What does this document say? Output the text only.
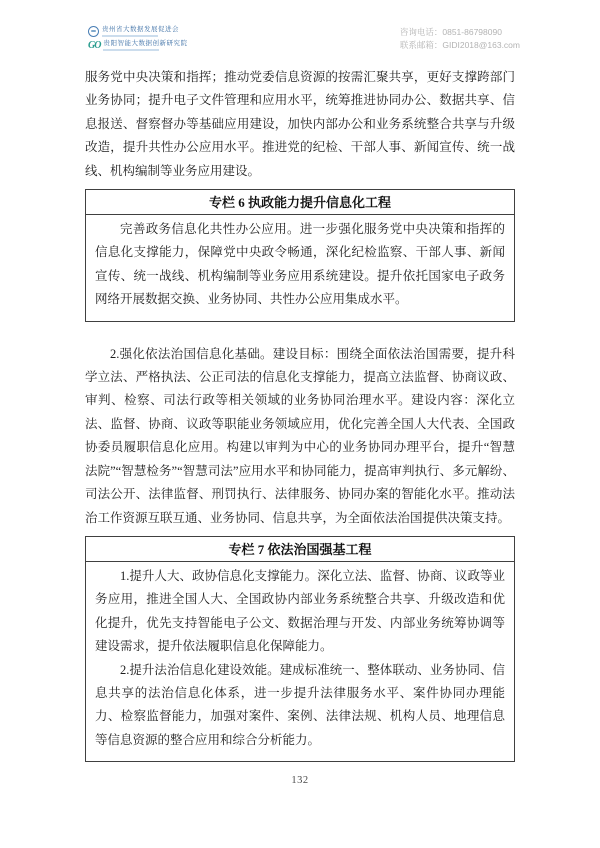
贵州省大数据发展促进会
GO 贵阳智能大数据创新研究院
咨询电话：0851-86798090
联系邮箱：GIDI2018@163.com

服务党中央决策和指挥；推动党委信息资源的按需汇聚共享，更好支撑跨部门业务协同；提升电子文件管理和应用水平，统筹推进协同办公、数据共享、信息报送、督察督办等基础应用建设，加快内部办公和业务系统整合共享与升级改造，提升共性办公应用水平。推进党的纪检、干部人事、新闻宣传、统一战线、机构编制等业务应用建设。

专栏 6 执政能力提升信息化工程

完善政务信息化共性办公应用。进一步强化服务党中央决策和指挥的信息化支撑能力，保障党中央政令畅通，深化纪检监察、干部人事、新闻宣传、统一战线、机构编制等业务应用系统建设。提升依托国家电子政务网络开展数据交换、业务协同、共性办公应用集成水平。

2.强化依法治国信息化基础。建设目标：围绕全面依法治国需要，提升科学立法、严格执法、公正司法的信息化支撑能力，提高立法监督、协商议政、审判、检察、司法行政等相关领域的业务协同治理水平。建设内容：深化立法、监督、协商、议政等职能业务领域应用，优化完善全国人大代表、全国政协委员履职信息化应用。构建以审判为中心的业务协同办理平台，提升“智慧法院”“智慧检务”“智慧司法”应用水平和协同能力，提高审判执行、多元解纷、司法公开、法律监督、刑罚执行、法律服务、协同办案的智能化水平。推动法治工作资源互联互通、业务协同、信息共享，为全面依法治国提供决策支持。

专栏 7 依法治国强基工程

1.提升人大、政协信息化支撑能力。深化立法、监督、协商、议政等业务应用，推进全国人大、全国政协内部业务系统整合共享、升级改造和优化提升，优先支持智能电子公文、数据治理与开发、内部业务统筹协调等建设需求，提升依法履职信息化保障能力。

2.提升法治信息化建设效能。建成标准统一、整体联动、业务协同、信息共享的法治信息化体系，进一步提升法律服务水平、案件协同办理能力、检察监督能力，加强对案件、案例、法律法规、机构人员、地理信息等信息资源的整合应用和综合分析能力。

132
